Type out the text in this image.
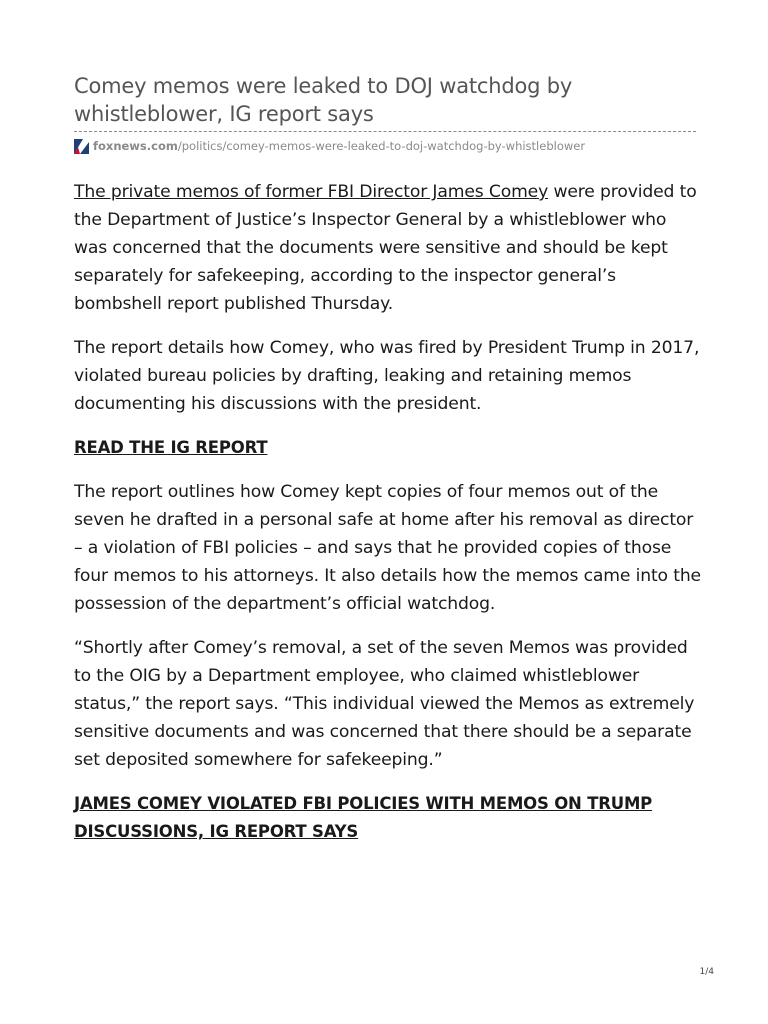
Comey memos were leaked to DOJ watchdog by whistleblower, IG report says
foxnews.com /politics/comey-memos-were-leaked-to-doj-watchdog-by-whistleblower

The private memos of former FBI Director James Comey were provided to the Department of Justice’s Inspector General by a whistleblower who was concerned that the documents were sensitive and should be kept separately for safekeeping, according to the inspector general’s bombshell report published Thursday.

The report details how Comey, who was fired by President Trump in 2017, violated bureau policies by drafting, leaking and retaining memos documenting his discussions with the president.

READ THE IG REPORT

The report outlines how Comey kept copies of four memos out of the seven he drafted in a personal safe at home after his removal as director – a violation of FBI policies – and says that he provided copies of those four memos to his attorneys. It also details how the memos came into the possession of the department’s official watchdog.

“Shortly after Comey’s removal, a set of the seven Memos was provided to the OIG by a Department employee, who claimed whistleblower status,” the report says. “This individual viewed the Memos as extremely sensitive documents and was concerned that there should be a separate set deposited somewhere for safekeeping.”

JAMES COMEY VIOLATED FBI POLICIES WITH MEMOS ON TRUMP DISCUSSIONS, IG REPORT SAYS
1/4
